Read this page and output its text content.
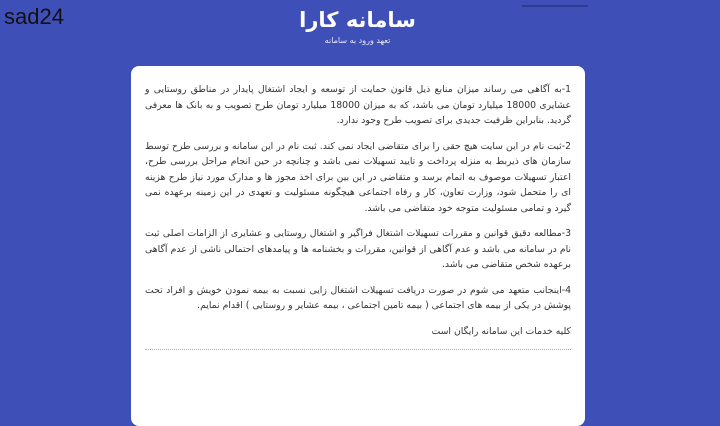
sad24	سامانه کارا
تعهد ورود به سامانه

1-به آگاهی می رساند میزان منابع ذیل قانون حمایت از توسعه و ایجاد اشتغال پایدار در مناطق روستایی و عشایری 18000 میلیارد تومان می باشد، که به میزان 18000 میلیارد تومان طرح تصویب و به بانک ها معرفی گردید. بنابراین ظرفیت جدیدی برای تصویب طرح وجود ندارد.

2-ثبت نام در این سایت هیچ حقی را برای متقاضی ایجاد نمی کند. ثبت نام در این سامانه و بررسی طرح توسط سازمان های ذیربط به منزله پرداخت و تایید تسهیلات نمی باشد و چنانچه در حین انجام مراحل بررسی طرح، اعتبار تسهیلات موصوف به اتمام برسد و متقاضی در این بین برای اخذ مجوز ها و مدارک مورد نیاز طرح هزینه ای را متحمل شود، وزارت تعاون، کار و رفاه اجتماعی هیچگونه مسئولیت و تعهدی در این زمینه برعهده نمی گیرد و تمامی مسئولیت متوجه خود متقاضی می باشد.

3-مطالعه دقیق قوانین و مقررات تسهیلات اشتغال فراگیر و اشتغال روستایی و عشایری از الزامات اصلی ثبت نام در سامانه می باشد و عدم آگاهی از قوانین، مقررات و بخشنامه ها و پیامدهای احتمالی ناشی از عدم آگاهی برعهده شخص متقاضی می باشد.

4-اینجانب متعهد می شوم در صورت دریافت تسهیلات اشتغال زایی نسبت به بیمه نمودن خویش و افراد تحت پوشش در یکی از بیمه های اجتماعی ( بیمه تامین اجتماعی ، بیمه عشایر و روستایی ) اقدام نمایم.

کلیه خدمات این سامانه رایگان است
